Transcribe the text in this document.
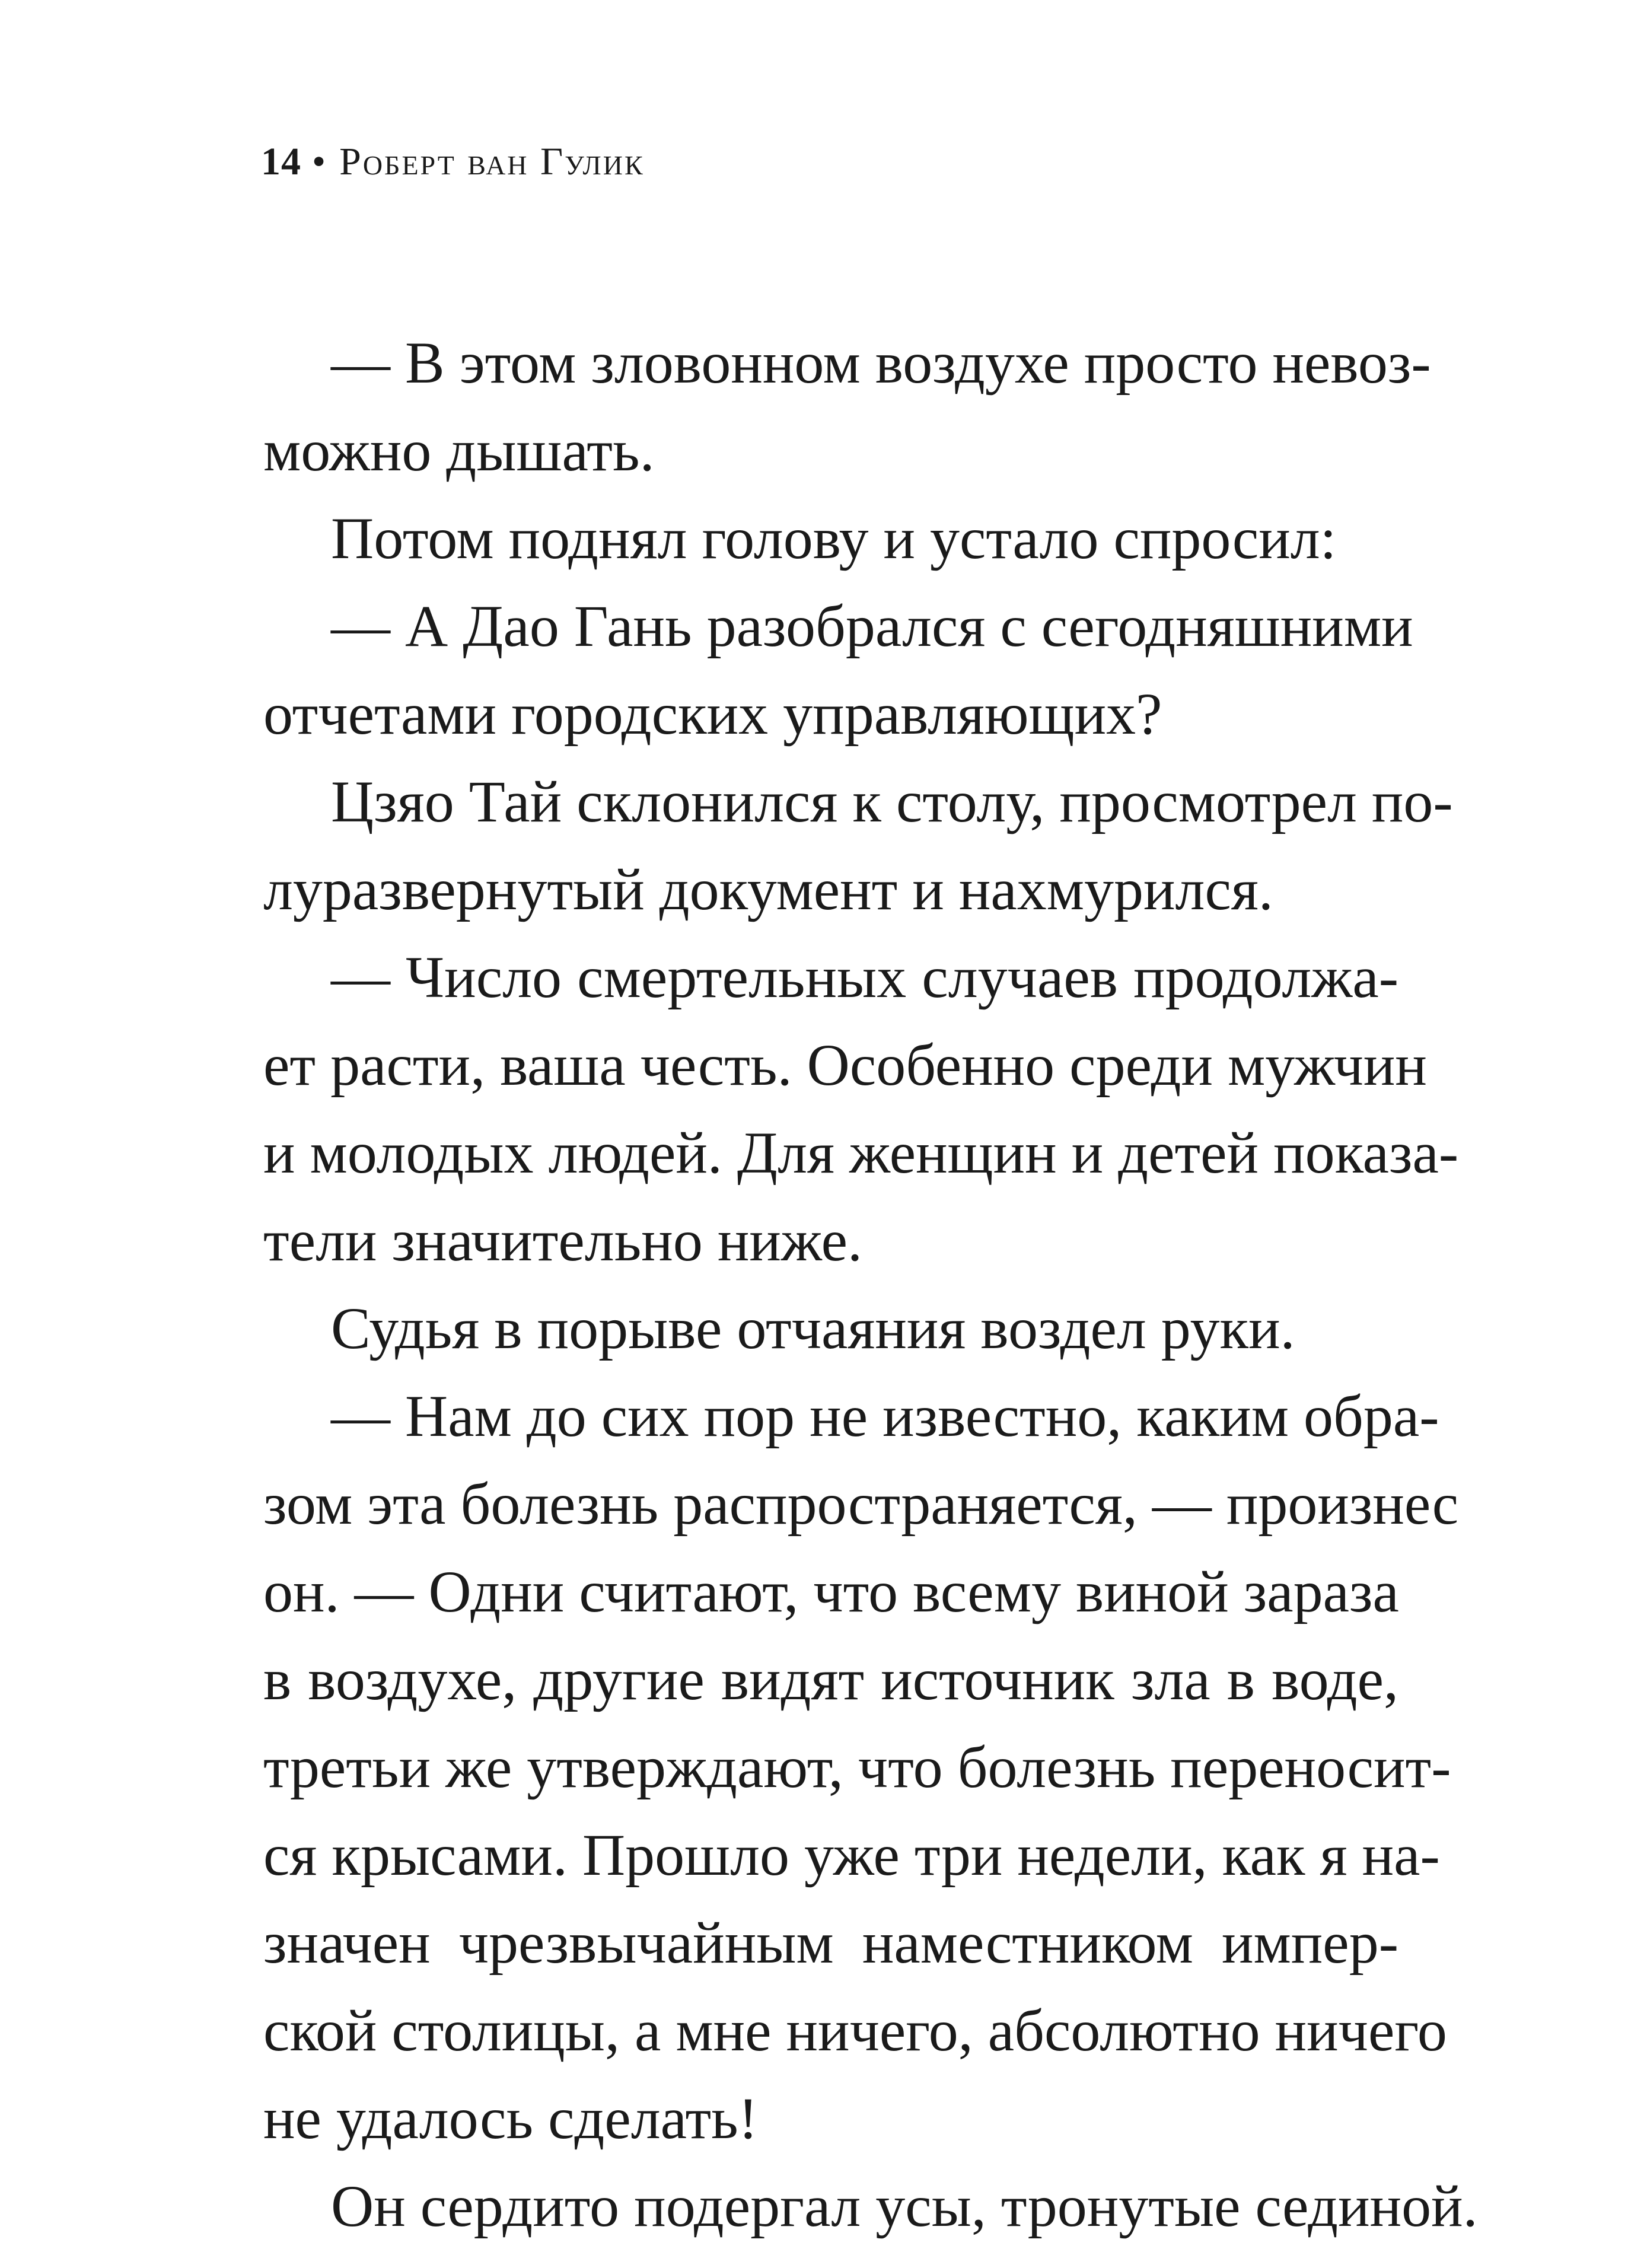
14 • Роберт ван Гулик
— В этом зловонном воздухе просто невоз-
можно дышать.
Потом поднял голову и устало спросил:
— А Дао Гань разобрался с сегодняшними
отчетами городских управляющих?
Цзяо Тай склонился к столу, просмотрел по-
луразвернутый документ и нахмурился.
— Число смертельных случаев продолжа-
ет расти, ваша честь. Особенно среди мужчин
и молодых людей. Для женщин и детей показа-
тели значительно ниже.
Судья в порыве отчаяния воздел руки.
— Нам до сих пор не известно, каким обра-
зом эта болезнь распространяется, — произнес
он. — Одни считают, что всему виной зараза
в воздухе, другие видят источник зла в воде,
третьи же утверждают, что болезнь переносит-
ся крысами. Прошло уже три недели, как я на-
значен чрезвычайным наместником импер-
ской столицы, а мне ничего, абсолютно ничего
не удалось сделать!
Он сердито подергал усы, тронутые сединой.
